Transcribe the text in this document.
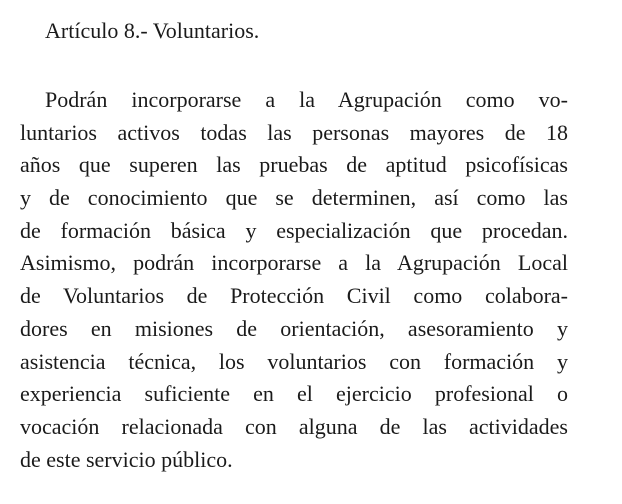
Artículo 8.- Voluntarios.
Podrán incorporarse a la Agrupación como vo-
luntarios activos todas las personas mayores de 18
años que superen las pruebas de aptitud psicofísicas
y de conocimiento que se determinen, así como las
de formación básica y especialización que procedan.
Asimismo, podrán incorporarse a la Agrupación Local
de Voluntarios de Protección Civil como colabora-
dores en misiones de orientación, asesoramiento y
asistencia técnica, los voluntarios con formación y
experiencia suficiente en el ejercicio profesional o
vocación relacionada con alguna de las actividades
de este servicio público.
